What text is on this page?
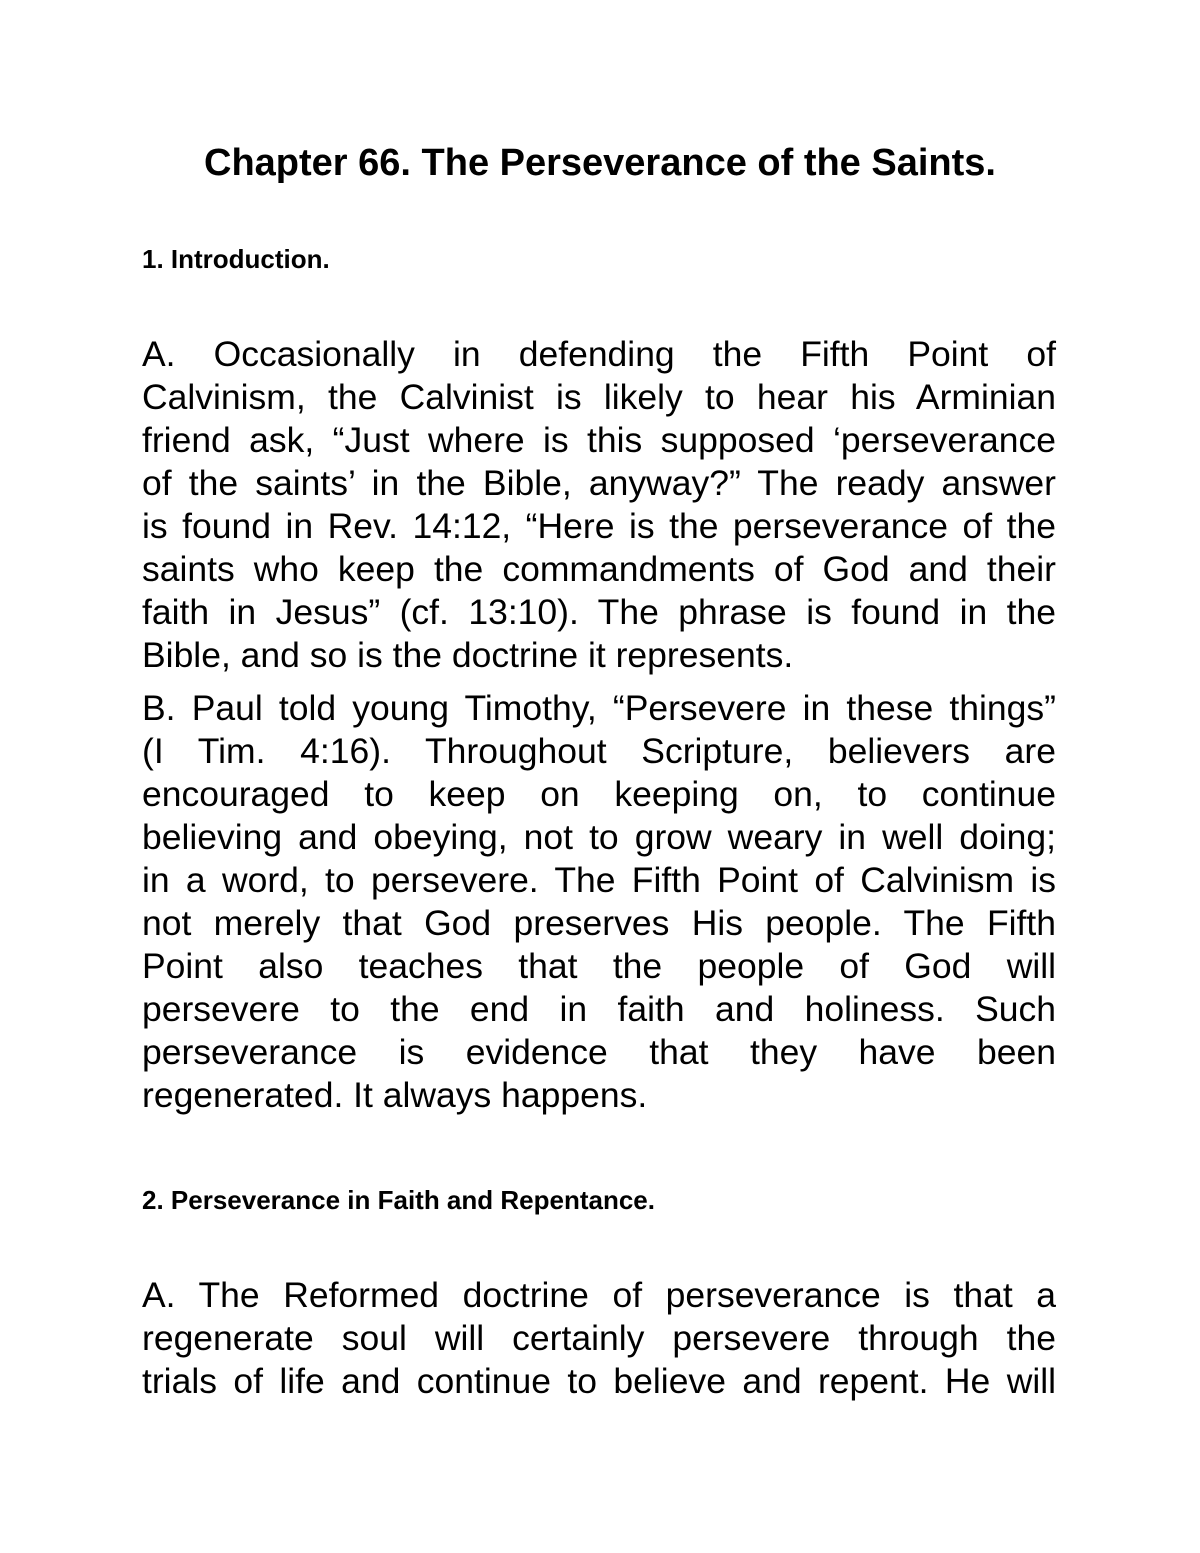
Chapter 66. The Perseverance of the Saints.
1. Introduction.
A. Occasionally in defending the Fifth Point of
Calvinism, the Calvinist is likely to hear his Arminian
friend ask, “Just where is this supposed ‘perseverance
of the saints’ in the Bible, anyway?” The ready answer
is found in Rev. 14:12, “Here is the perseverance of the
saints who keep the commandments of God and their
faith in Jesus” (cf. 13:10). The phrase is found in the
Bible, and so is the doctrine it represents.
B. Paul told young Timothy, “Persevere in these things”
(I Tim. 4:16). Throughout Scripture, believers are
encouraged to keep on keeping on, to continue
believing and obeying, not to grow weary in well doing;
in a word, to persevere. The Fifth Point of Calvinism is
not merely that God preserves His people. The Fifth
Point also teaches that the people of God will
persevere to the end in faith and holiness. Such
perseverance is evidence that they have been
regenerated. It always happens.
2. Perseverance in Faith and Repentance.
A. The Reformed doctrine of perseverance is that a
regenerate soul will certainly persevere through the
trials of life and continue to believe and repent. He will
